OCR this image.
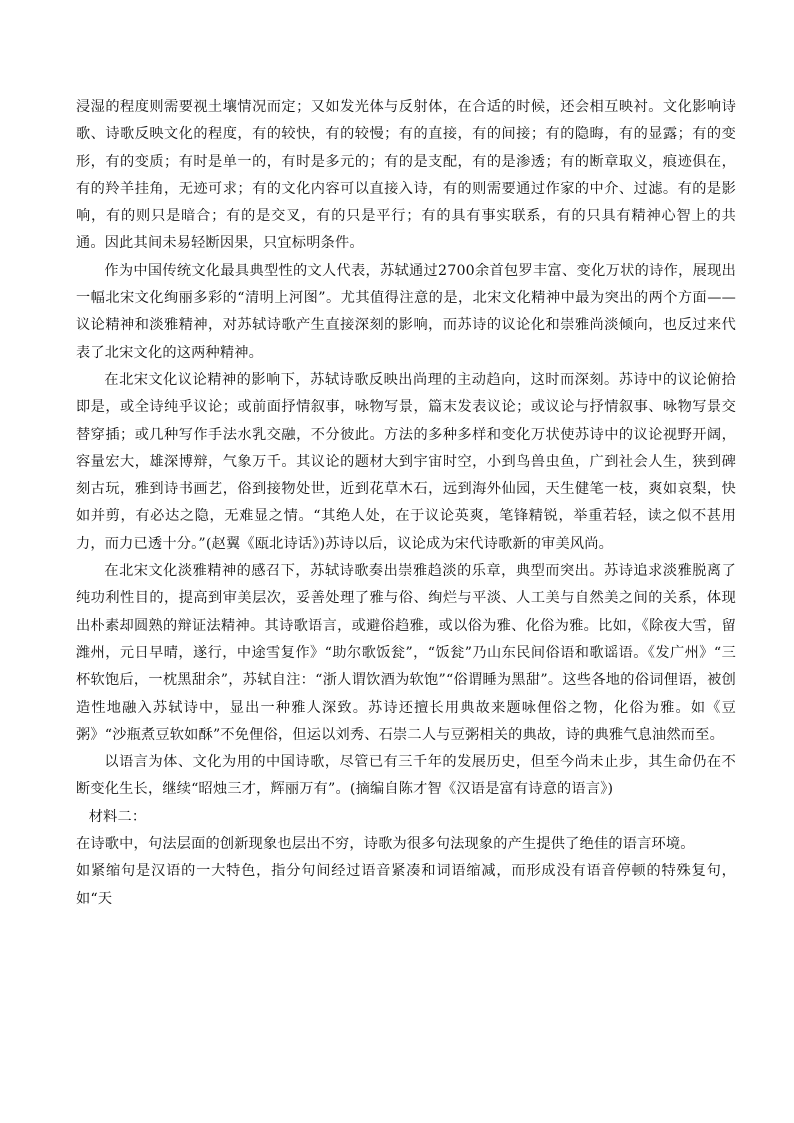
浸湿的程度则需要视土壤情况而定；又如发光体与反射体，在合适的时候，还会相互映衬。文化影响诗歌、诗歌反映文化的程度，有的较快，有的较慢；有的直接，有的间接；有的隐晦，有的显露；有的变形，有的变质；有时是单一的，有时是多元的；有的是支配，有的是渗透；有的断章取义，痕迹俱在，有的羚羊挂角，无迹可求；有的文化内容可以直接入诗，有的则需要通过作家的中介、过滤。有的是影响，有的则只是暗合；有的是交叉，有的只是平行；有的具有事实联系，有的只具有精神心智上的共通。因此其间未易轻断因果，只宜标明条件。

作为中国传统文化最具典型性的文人代表，苏轼通过2700余首包罗丰富、变化万状的诗作，展现出一幅北宋文化绚丽多彩的“清明上河图”。尤其值得注意的是，北宋文化精神中最为突出的两个方面——议论精神和淡雅精神，对苏轼诗歌产生直接深刻的影响，而苏诗的议论化和崇雅尚淡倾向，也反过来代表了北宋文化的这两种精神。

在北宋文化议论精神的影响下，苏轼诗歌反映出尚理的主动趋向，这时而深刻。苏诗中的议论俯拾即是，或全诗纯乎议论；或前面抒情叙事，咏物写景，篇末发表议论；或议论与抒情叙事、咏物写景交替穿插；或几种写作手法水乳交融，不分彼此。方法的多种多样和变化万状使苏诗中的议论视野开阔，容量宏大，雄深博辩，气象万千。其议论的题材大到宇宙时空，小到鸟兽虫鱼，广到社会人生，狭到碑刻古玩，雅到诗书画艺，俗到接物处世，近到花草木石，远到海外仙园，天生健笔一枝，爽如哀梨，快如并剪，有必达之隐，无难显之情。“其绝人处，在于议论英爽，笔锋精锐，举重若轻，读之似不甚用力，而力已透十分。”(赵翼《瓯北诗话》)苏诗以后，议论成为宋代诗歌新的审美风尚。

在北宋文化淡雅精神的感召下，苏轼诗歌奏出崇雅趋淡的乐章，典型而突出。苏诗追求淡雅脱离了纯功利性目的，提高到审美层次，妥善处理了雅与俗、绚烂与平淡、人工美与自然美之间的关系，体现出朴素却圆熟的辩证法精神。其诗歌语言，或避俗趋雅，或以俗为雅、化俗为雅。比如，《除夜大雪，留潍州，元日早晴，遂行，中途雪复作》“助尔歌饭瓮”，“饭瓮”乃山东民间俗语和歌谣语。《发广州》“三杯软饱后，一枕黑甜余”，苏轼自注：“浙人谓饮酒为软饱”“俗谓睡为黑甜”。这些各地的俗词俚语，被创造性地融入苏轼诗中，显出一种雅人深致。苏诗还擅长用典故来题咏俚俗之物，化俗为雅。如《豆粥》“沙瓶煮豆软如酥”不免俚俗，但运以刘秀、石崇二人与豆粥相关的典故，诗的典雅气息油然而至。

以语言为体、文化为用的中国诗歌，尽管已有三千年的发展历史，但至今尚未止步，其生命仍在不断变化生长，继续“昭烛三才，辉丽万有”。(摘编自陈才智《汉语是富有诗意的语言》)

材料二：

在诗歌中，句法层面的创新现象也层出不穷，诗歌为很多句法现象的产生提供了绝佳的语言环境。

如紧缩句是汉语的一大特色，指分句间经过语音紧凑和词语缩减，而形成没有语音停顿的特殊复句，如“天
